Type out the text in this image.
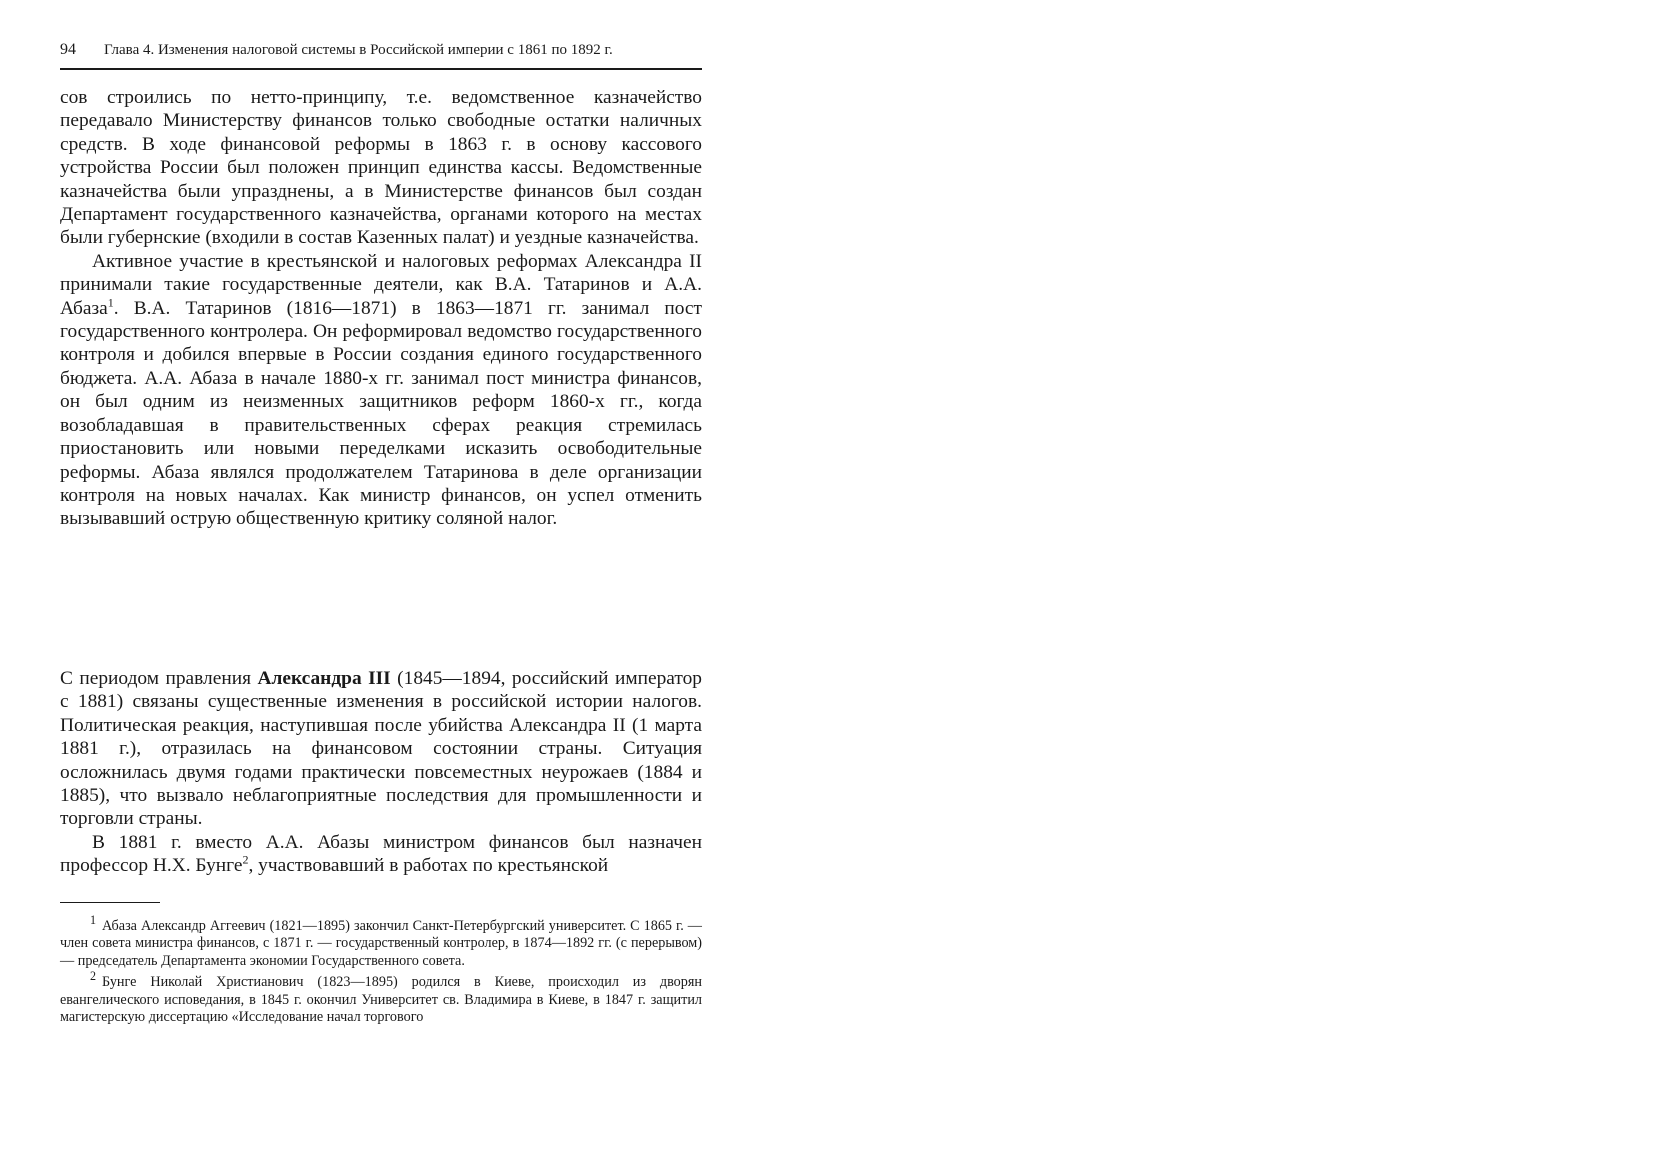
94 Глава 4. Изменения налоговой системы в Российской империи с 1861 по 1892 г.

сов строились по нетто-принципу, т.е. ведомственное казначейство передавало Министерству финансов только свободные остатки наличных средств. В ходе финансовой реформы в 1863 г. в основу кассового устройства России был положен принцип единства кассы. Ведомственные казначейства были упразднены, а в Министерстве финансов был создан Департамент государственного казначейства, органами которого на местах были губернские (входили в состав Казенных палат) и уездные казначейства.

Активное участие в крестьянской и налоговых реформах Александра II принимали такие государственные деятели, как В.А. Татаринов и А.А. Абаза$^1$. В.А. Татаринов (1816—1871) в 1863—1871 гг. занимал пост государственного контролера. Он реформировал ведомство государственного контроля и добился впервые в России создания единого государственного бюджета. А.А. Абаза в начале 1880-х гг. занимал пост министра финансов, он был одним из неизменных защитников реформ 1860-х гг., когда возобладавшая в правительственных сферах реакция стремилась приостановить или новыми переделками исказить освободительные реформы. Абаза являлся продолжателем Татаринова в деле организации контроля на новых началах. Как министр финансов, он успел отменить вызывавший острую общественную критику соляной налог.

С периодом правления Александра III (1845—1894, российский император с 1881) связаны существенные изменения в российской истории налогов. Политическая реакция, наступившая после убийства Александра II (1 марта 1881 г.), отразилась на финансовом состоянии страны. Ситуация осложнилась двумя годами практически повсеместных неурожаев (1884 и 1885), что вызвало неблагоприятные последствия для промышленности и торговли страны.

В 1881 г. вместо А.А. Абазы министром финансов был назначен профессор Н.Х. Бунге$^2$, участвовавший в работах по крестьянской

1 Абаза Александр Аггеевич (1821—1895) закончил Санкт-Петербургский университет. С 1865 г. — член совета министра финансов, с 1871 г. — государственный контролер, в 1874—1892 гг. (с перерывом) — председатель Департамента экономии Государственного совета.

2 Бунге Николай Христианович (1823—1895) родился в Киеве, происходил из дворян евангелического исповедания, в 1845 г. окончил Университет св. Владимира в Киеве, в 1847 г. защитил магистерскую диссертацию «Исследование начал торгового
